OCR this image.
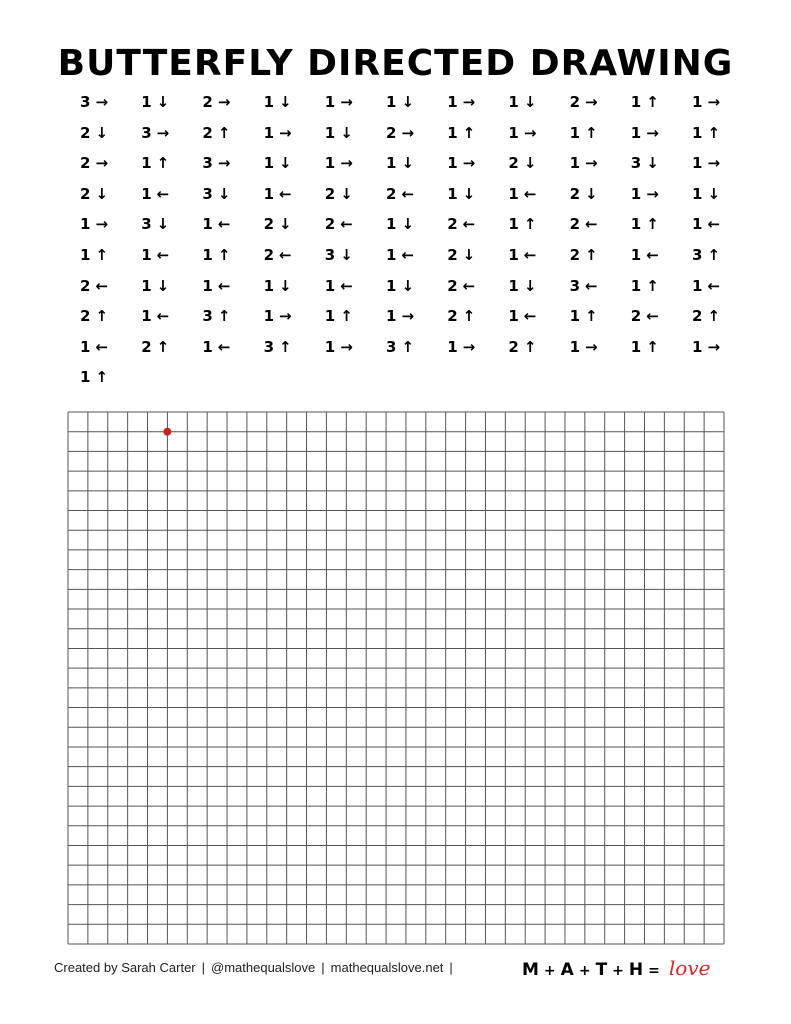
BUTTERFLY DIRECTED DRAWING
3 → 1 ↓ 2 → 1 ↓ 1 → 1 ↓ 1 → 1 ↓ 2 → 1 ↑ 1 →
2 ↓ 3 → 2 ↑ 1 → 1 ↓ 2 → 1 ↑ 1 → 1 ↑ 1 → 1 ↑
2 → 1 ↑ 3 → 1 ↓ 1 → 1 ↓ 1 → 2 ↓ 1 → 3 ↓ 1 →
2 ↓ 1 ← 3 ↓ 1 ← 2 ↓ 2 ← 1 ↓ 1 ← 2 ↓ 1 → 1 ↓
1 → 3 ↓ 1 ← 2 ↓ 2 ← 1 ↓ 2 ← 1 ↑ 2 ← 1 ↑ 1 ←
1 ↑ 1 ← 1 ↑ 2 ← 3 ↓ 1 ← 2 ↓ 1 ← 2 ↑ 1 ← 3 ↑
2 ← 1 ↓ 1 ← 1 ↓ 1 ← 1 ↓ 2 ← 1 ↓ 3 ← 1 ↑ 1 ←
2 ↑ 1 ← 3 ↑ 1 → 1 ↑ 1 → 2 ↑ 1 ← 1 ↑ 2 ← 2 ↑
1 ← 2 ↑ 1 ← 3 ↑ 1 → 3 ↑ 1 → 2 ↑ 1 → 1 ↑ 1 →
1 ↑
Created by Sarah Carter | @mathequalslove | mathequalslove.net |	M + A + T + H = love
